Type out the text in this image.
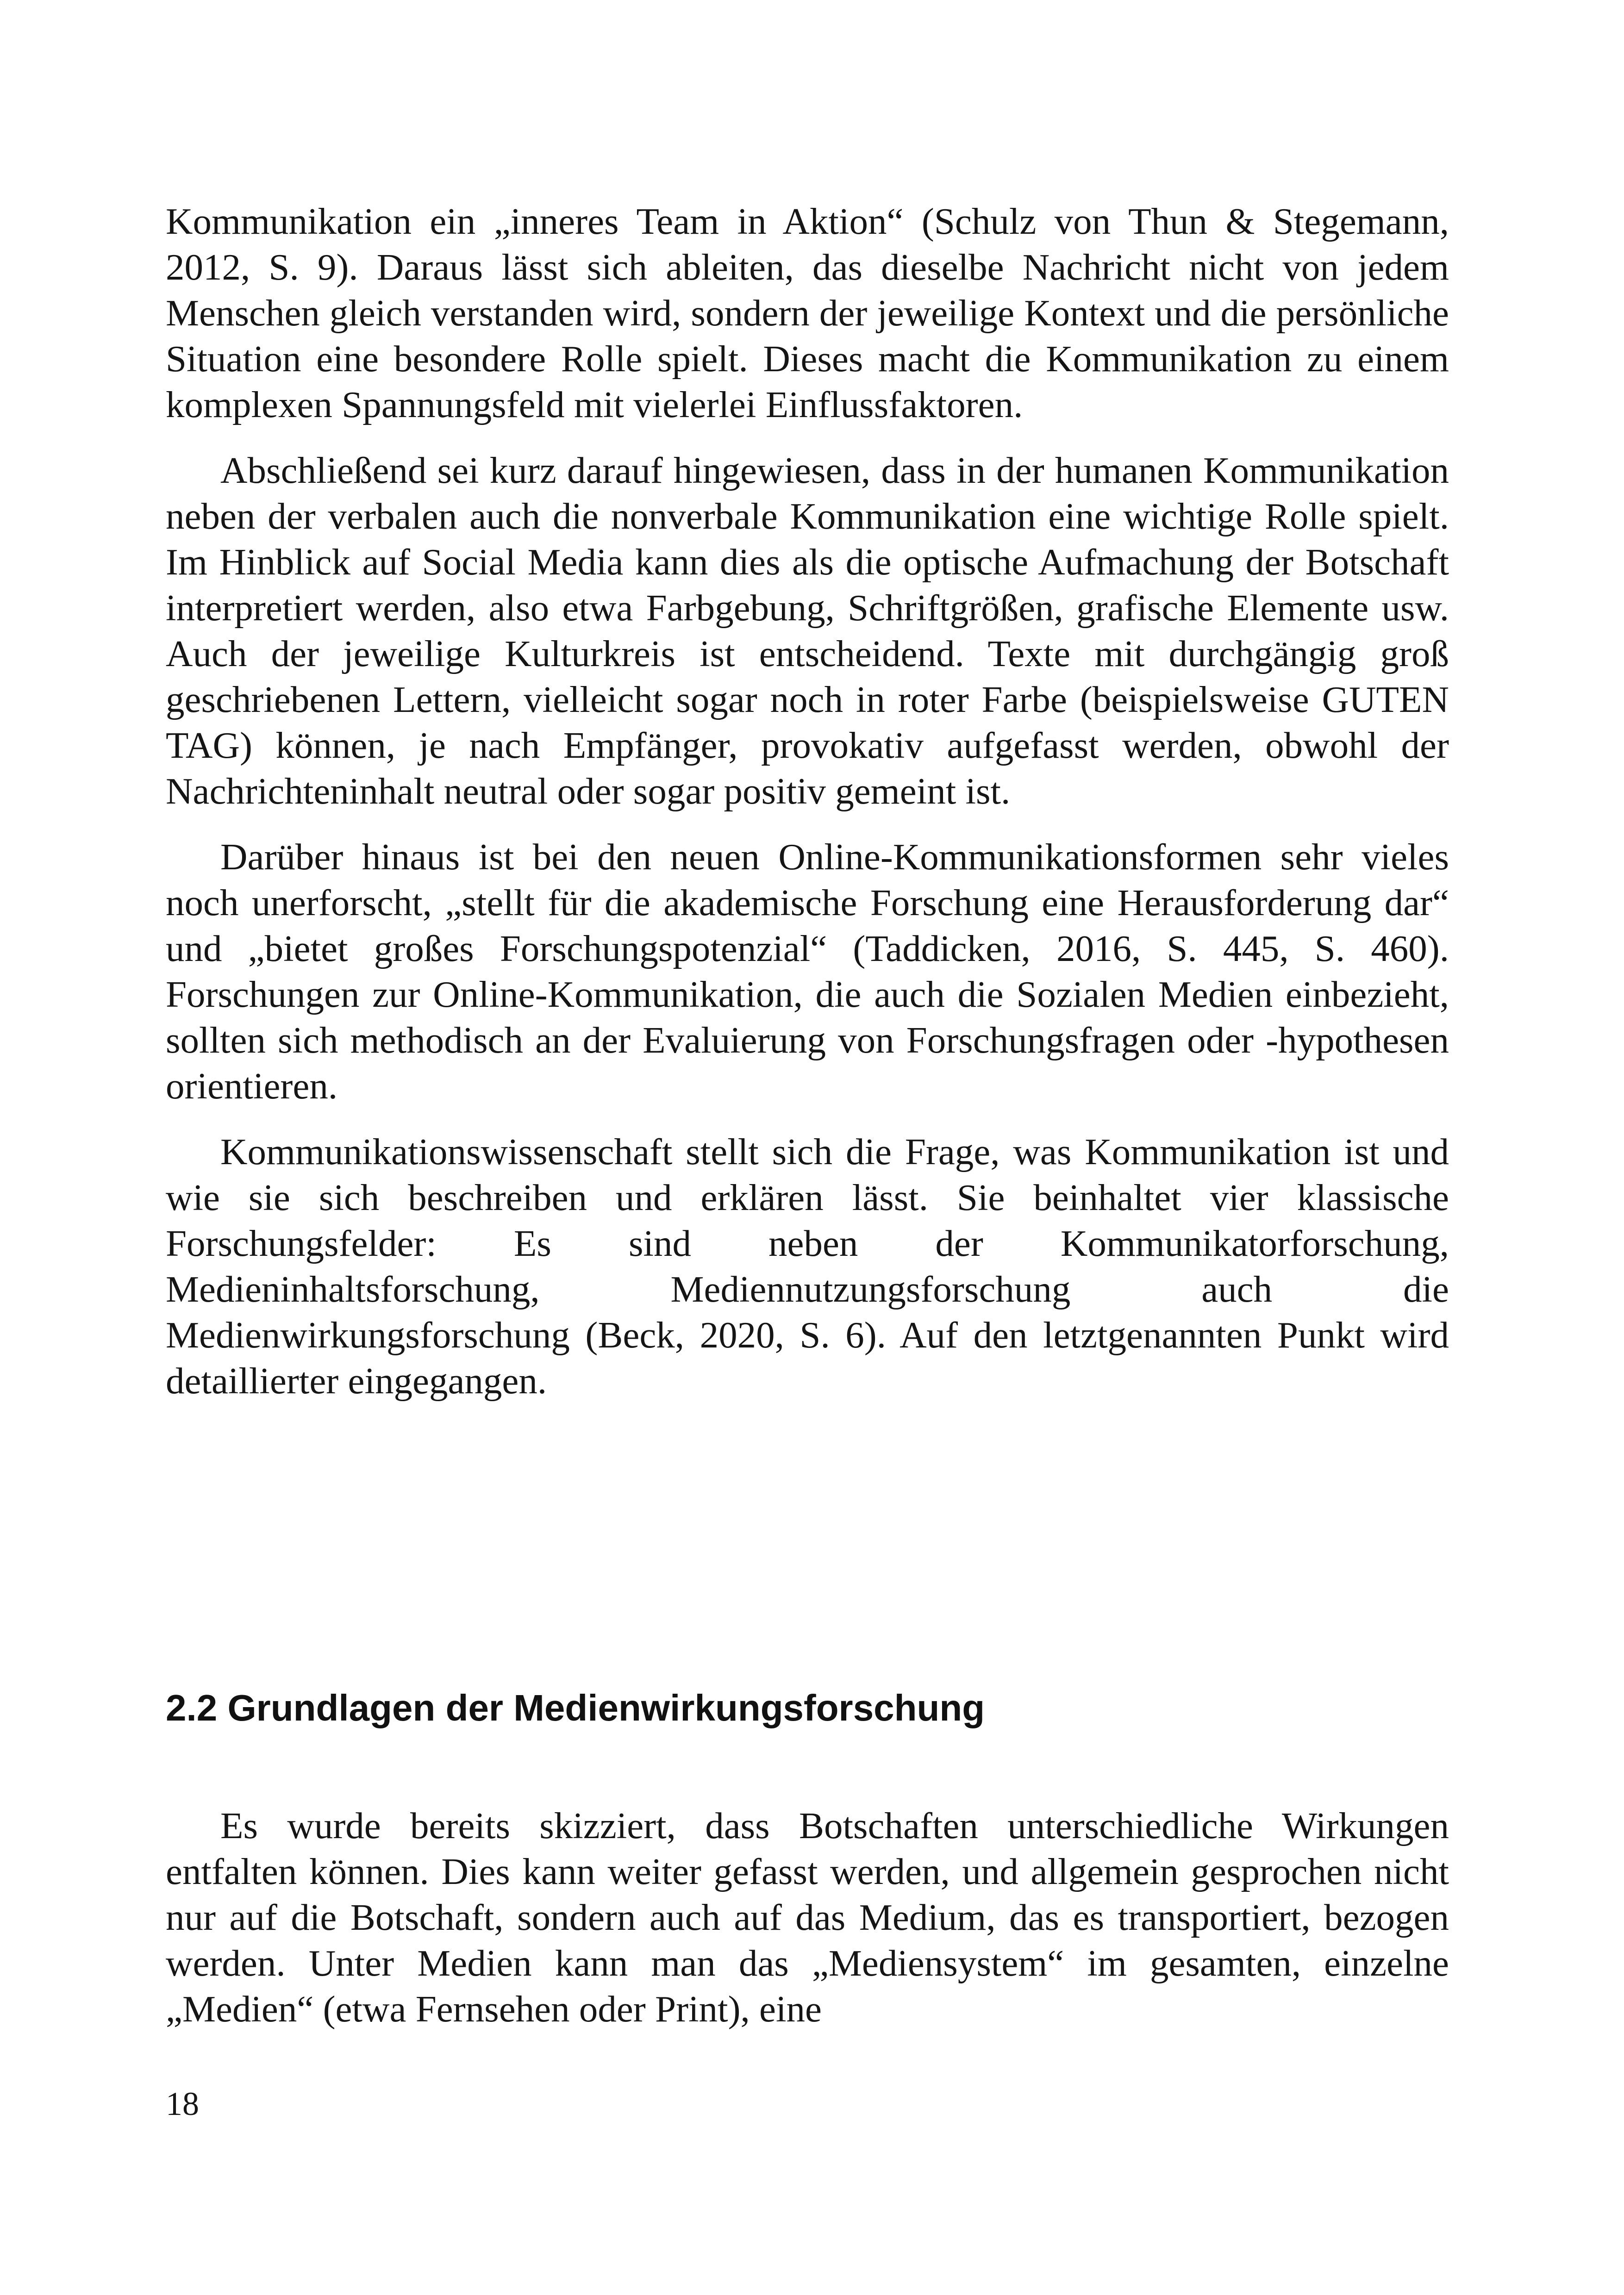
Kommunikation ein „inneres Team in Aktion“ (Schulz von Thun & Stegemann, 2012, S. 9). Daraus lässt sich ableiten, das dieselbe Nachricht nicht von jedem Menschen gleich verstanden wird, sondern der jeweilige Kontext und die persönliche Situation eine besondere Rolle spielt. Dieses macht die Kommunikation zu einem komplexen Spannungsfeld mit vielerlei Einflussfaktoren.

Abschließend sei kurz darauf hingewiesen, dass in der humanen Kommunikation neben der verbalen auch die nonverbale Kommunikation eine wichtige Rolle spielt. Im Hinblick auf Social Media kann dies als die optische Aufmachung der Botschaft interpretiert werden, also etwa Farbgebung, Schriftgrößen, grafische Elemente usw. Auch der jeweilige Kulturkreis ist entscheidend. Texte mit durchgängig groß geschriebenen Lettern, vielleicht sogar noch in roter Farbe (beispielsweise GUTEN TAG) können, je nach Empfänger, provokativ aufgefasst werden, obwohl der Nachrichteninhalt neutral oder sogar positiv gemeint ist.

Darüber hinaus ist bei den neuen Online-Kommunikationsformen sehr vieles noch unerforscht, „stellt für die akademische Forschung eine Herausforderung dar“ und „bietet großes Forschungspotenzial“ (Taddicken, 2016, S. 445, S. 460). Forschungen zur Online-Kommunikation, die auch die Sozialen Medien einbezieht, sollten sich methodisch an der Evaluierung von Forschungsfragen oder -hypothesen orientieren.

Kommunikationswissenschaft stellt sich die Frage, was Kommunikation ist und wie sie sich beschreiben und erklären lässt. Sie beinhaltet vier klassische Forschungsfelder: Es sind neben der Kommunikatorforschung, Medieninhaltsforschung, Mediennutzungsforschung auch die Medienwirkungsforschung (Beck, 2020, S. 6). Auf den letztgenannten Punkt wird detaillierter eingegangen.

2.2 Grundlagen der Medienwirkungsforschung

Es wurde bereits skizziert, dass Botschaften unterschiedliche Wirkungen entfalten können. Dies kann weiter gefasst werden, und allgemein gesprochen nicht nur auf die Botschaft, sondern auch auf das Medium, das es transportiert, bezogen werden. Unter Medien kann man das „Mediensystem“ im gesamten, einzelne „Medien“ (etwa Fernsehen oder Print), eine

18
